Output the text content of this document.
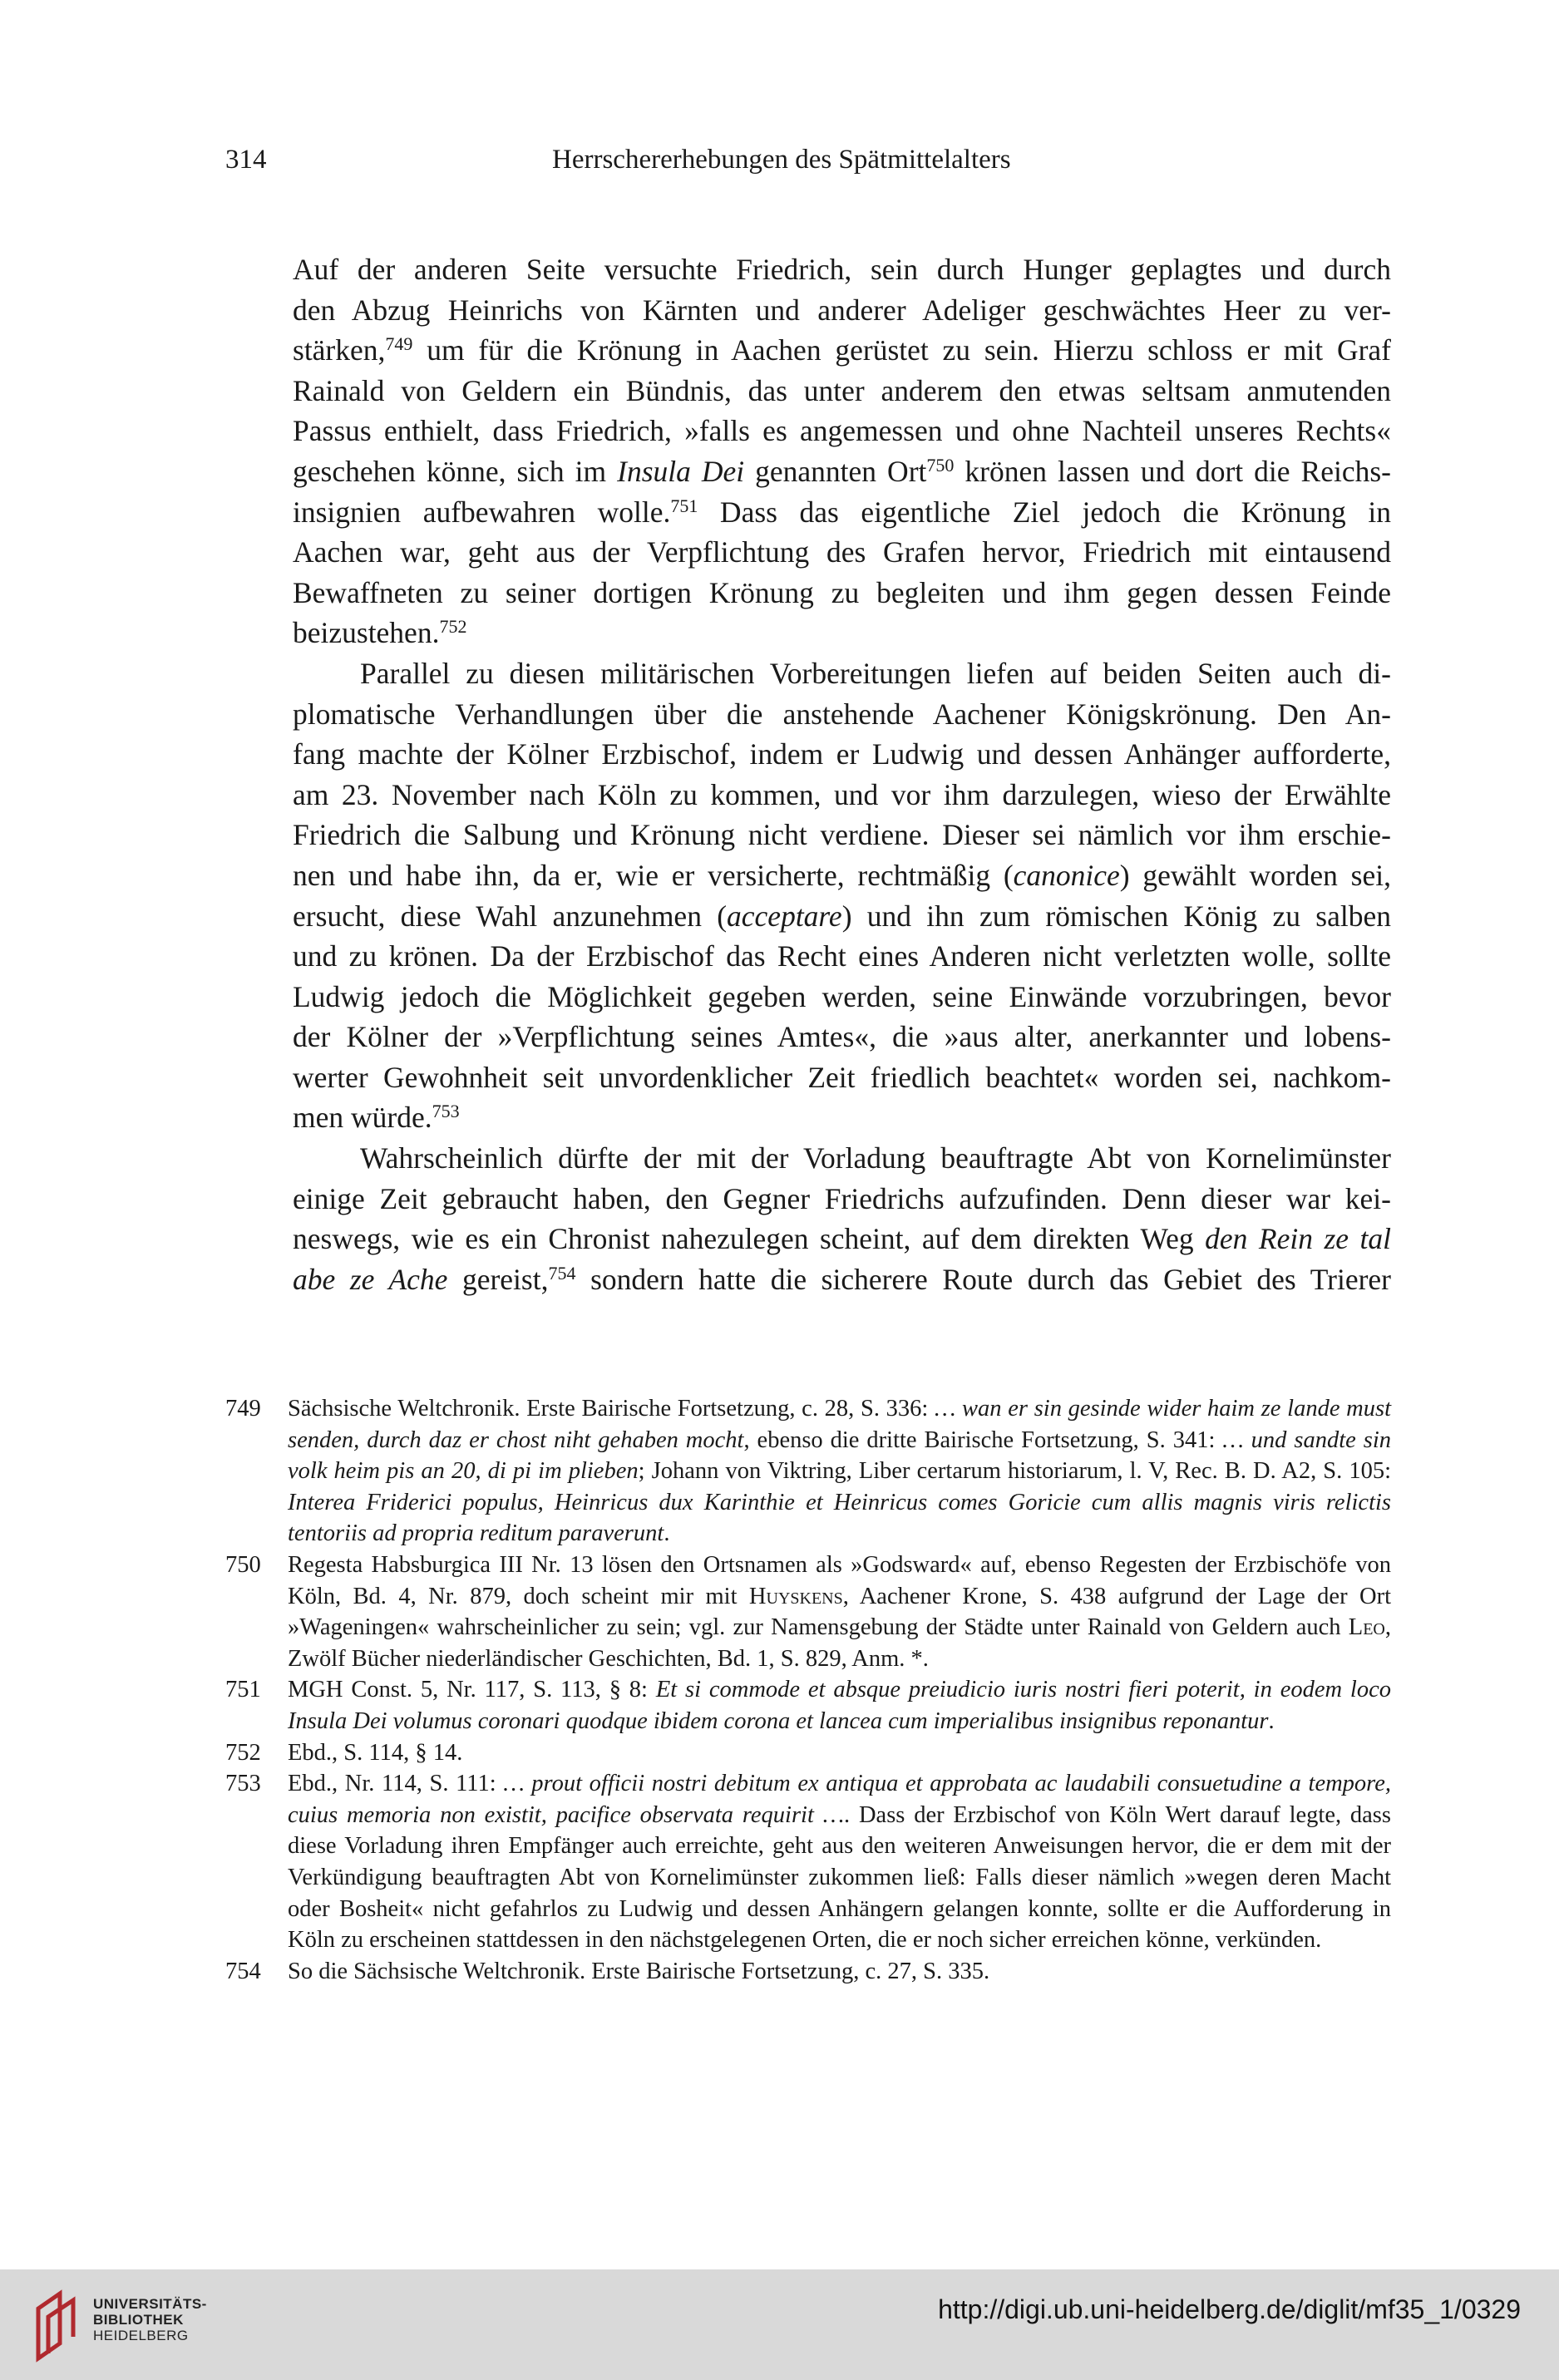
314	Herrschererhebungen des Spätmittelalters

Auf der anderen Seite versuchte Friedrich, sein durch Hunger geplagtes und durch
den Abzug Heinrichs von Kärnten und anderer Adeliger geschwächtes Heer zu ver-
stärken,$^{749}$ um für die Krönung in Aachen gerüstet zu sein. Hierzu schloss er mit Graf
Rainald von Geldern ein Bündnis, das unter anderem den etwas seltsam anmutenden
Passus enthielt, dass Friedrich, »falls es angemessen und ohne Nachteil unseres Rechts«
geschehen könne, sich im Insula Dei genannten Ort$^{750}$ krönen lassen und dort die Reichs-
insignien aufbewahren wolle.$^{751}$ Dass das eigentliche Ziel jedoch die Krönung in
Aachen war, geht aus der Verpflichtung des Grafen hervor, Friedrich mit eintausend
Bewaffneten zu seiner dortigen Krönung zu begleiten und ihm gegen dessen Feinde
beizustehen.$^{752}$

Parallel zu diesen militärischen Vorbereitungen liefen auf beiden Seiten auch di-
plomatische Verhandlungen über die anstehende Aachener Königskrönung. Den An-
fang machte der Kölner Erzbischof, indem er Ludwig und dessen Anhänger aufforderte,
am 23. November nach Köln zu kommen, und vor ihm darzulegen, wieso der Erwählte
Friedrich die Salbung und Krönung nicht verdiene. Dieser sei nämlich vor ihm erschie-
nen und habe ihn, da er, wie er versicherte, rechtmäßig (canonice) gewählt worden sei,
ersucht, diese Wahl anzunehmen (acceptare) und ihn zum römischen König zu salben
und zu krönen. Da der Erzbischof das Recht eines Anderen nicht verletzten wolle, sollte
Ludwig jedoch die Möglichkeit gegeben werden, seine Einwände vorzubringen, bevor
der Kölner der »Verpflichtung seines Amtes«, die »aus alter, anerkannter und lobens-
werter Gewohnheit seit unvordenklicher Zeit friedlich beachtet« worden sei, nachkom-
men würde.$^{753}$

Wahrscheinlich dürfte der mit der Vorladung beauftragte Abt von Kornelimünster
einige Zeit gebraucht haben, den Gegner Friedrichs aufzufinden. Denn dieser war kei-
neswegs, wie es ein Chronist nahezulegen scheint, auf dem direkten Weg den Rein ze tal
abe ze Ache gereist,$^{754}$ sondern hatte die sicherere Route durch das Gebiet des Trierer

749 Sächsische Weltchronik. Erste Bairische Fortsetzung, c. 28, S. 336: … wan er sin gesinde wider haim ze lande must senden, durch daz er chost niht gehaben mocht, ebenso die dritte Bairische Fortsetzung, S. 341: … und sandte sin volk heim pis an 20, di pi im plieben; Johann von Viktring, Liber certarum historiarum, l. V, Rec. B. D. A2, S. 105: Interea Friderici populus, Heinricus dux Karinthie et Heinricus comes Goricie cum allis magnis viris relictis tentoriis ad propria reditum paraverunt.
750 Regesta Habsburgica III Nr. 13 lösen den Ortsnamen als »Godsward« auf, ebenso Regesten der Erzbischöfe von Köln, Bd. 4, Nr. 879, doch scheint mir mit Huyskens, Aachener Krone, S. 438 aufgrund der Lage der Ort »Wageningen« wahrscheinlicher zu sein; vgl. zur Namensgebung der Städte unter Rainald von Geldern auch Leo, Zwölf Bücher niederländischer Geschichten, Bd. 1, S. 829, Anm. *.
751 MGH Const. 5, Nr. 117, S. 113, § 8: Et si commode et absque preiudicio iuris nostri fieri poterit, in eodem loco Insula Dei volumus coronari quodque ibidem corona et lancea cum imperialibus insignibus reponantur.
752 Ebd., S. 114, § 14.
753 Ebd., Nr. 114, S. 111: … prout officii nostri debitum ex antiqua et approbata ac laudabili consuetudine a tempore, cuius memoria non existit, pacifice observata requirit …. Dass der Erzbischof von Köln Wert darauf legte, dass diese Vorladung ihren Empfänger auch erreichte, geht aus den weiteren Anweisungen hervor, die er dem mit der Verkündigung beauftragten Abt von Kornelimünster zukommen ließ: Falls dieser nämlich »wegen deren Macht oder Bosheit« nicht gefahrlos zu Ludwig und dessen Anhängern gelangen konnte, sollte er die Aufforderung in Köln zu erscheinen stattdessen in den nächstgelegenen Orten, die er noch sicher erreichen könne, verkünden.
754 So die Sächsische Weltchronik. Erste Bairische Fortsetzung, c. 27, S. 335.
UNIVERSITÄTS-
BIBLIOTHEK
HEIDELBERG
http://digi.ub.uni-heidelberg.de/diglit/mf35_1/0329
